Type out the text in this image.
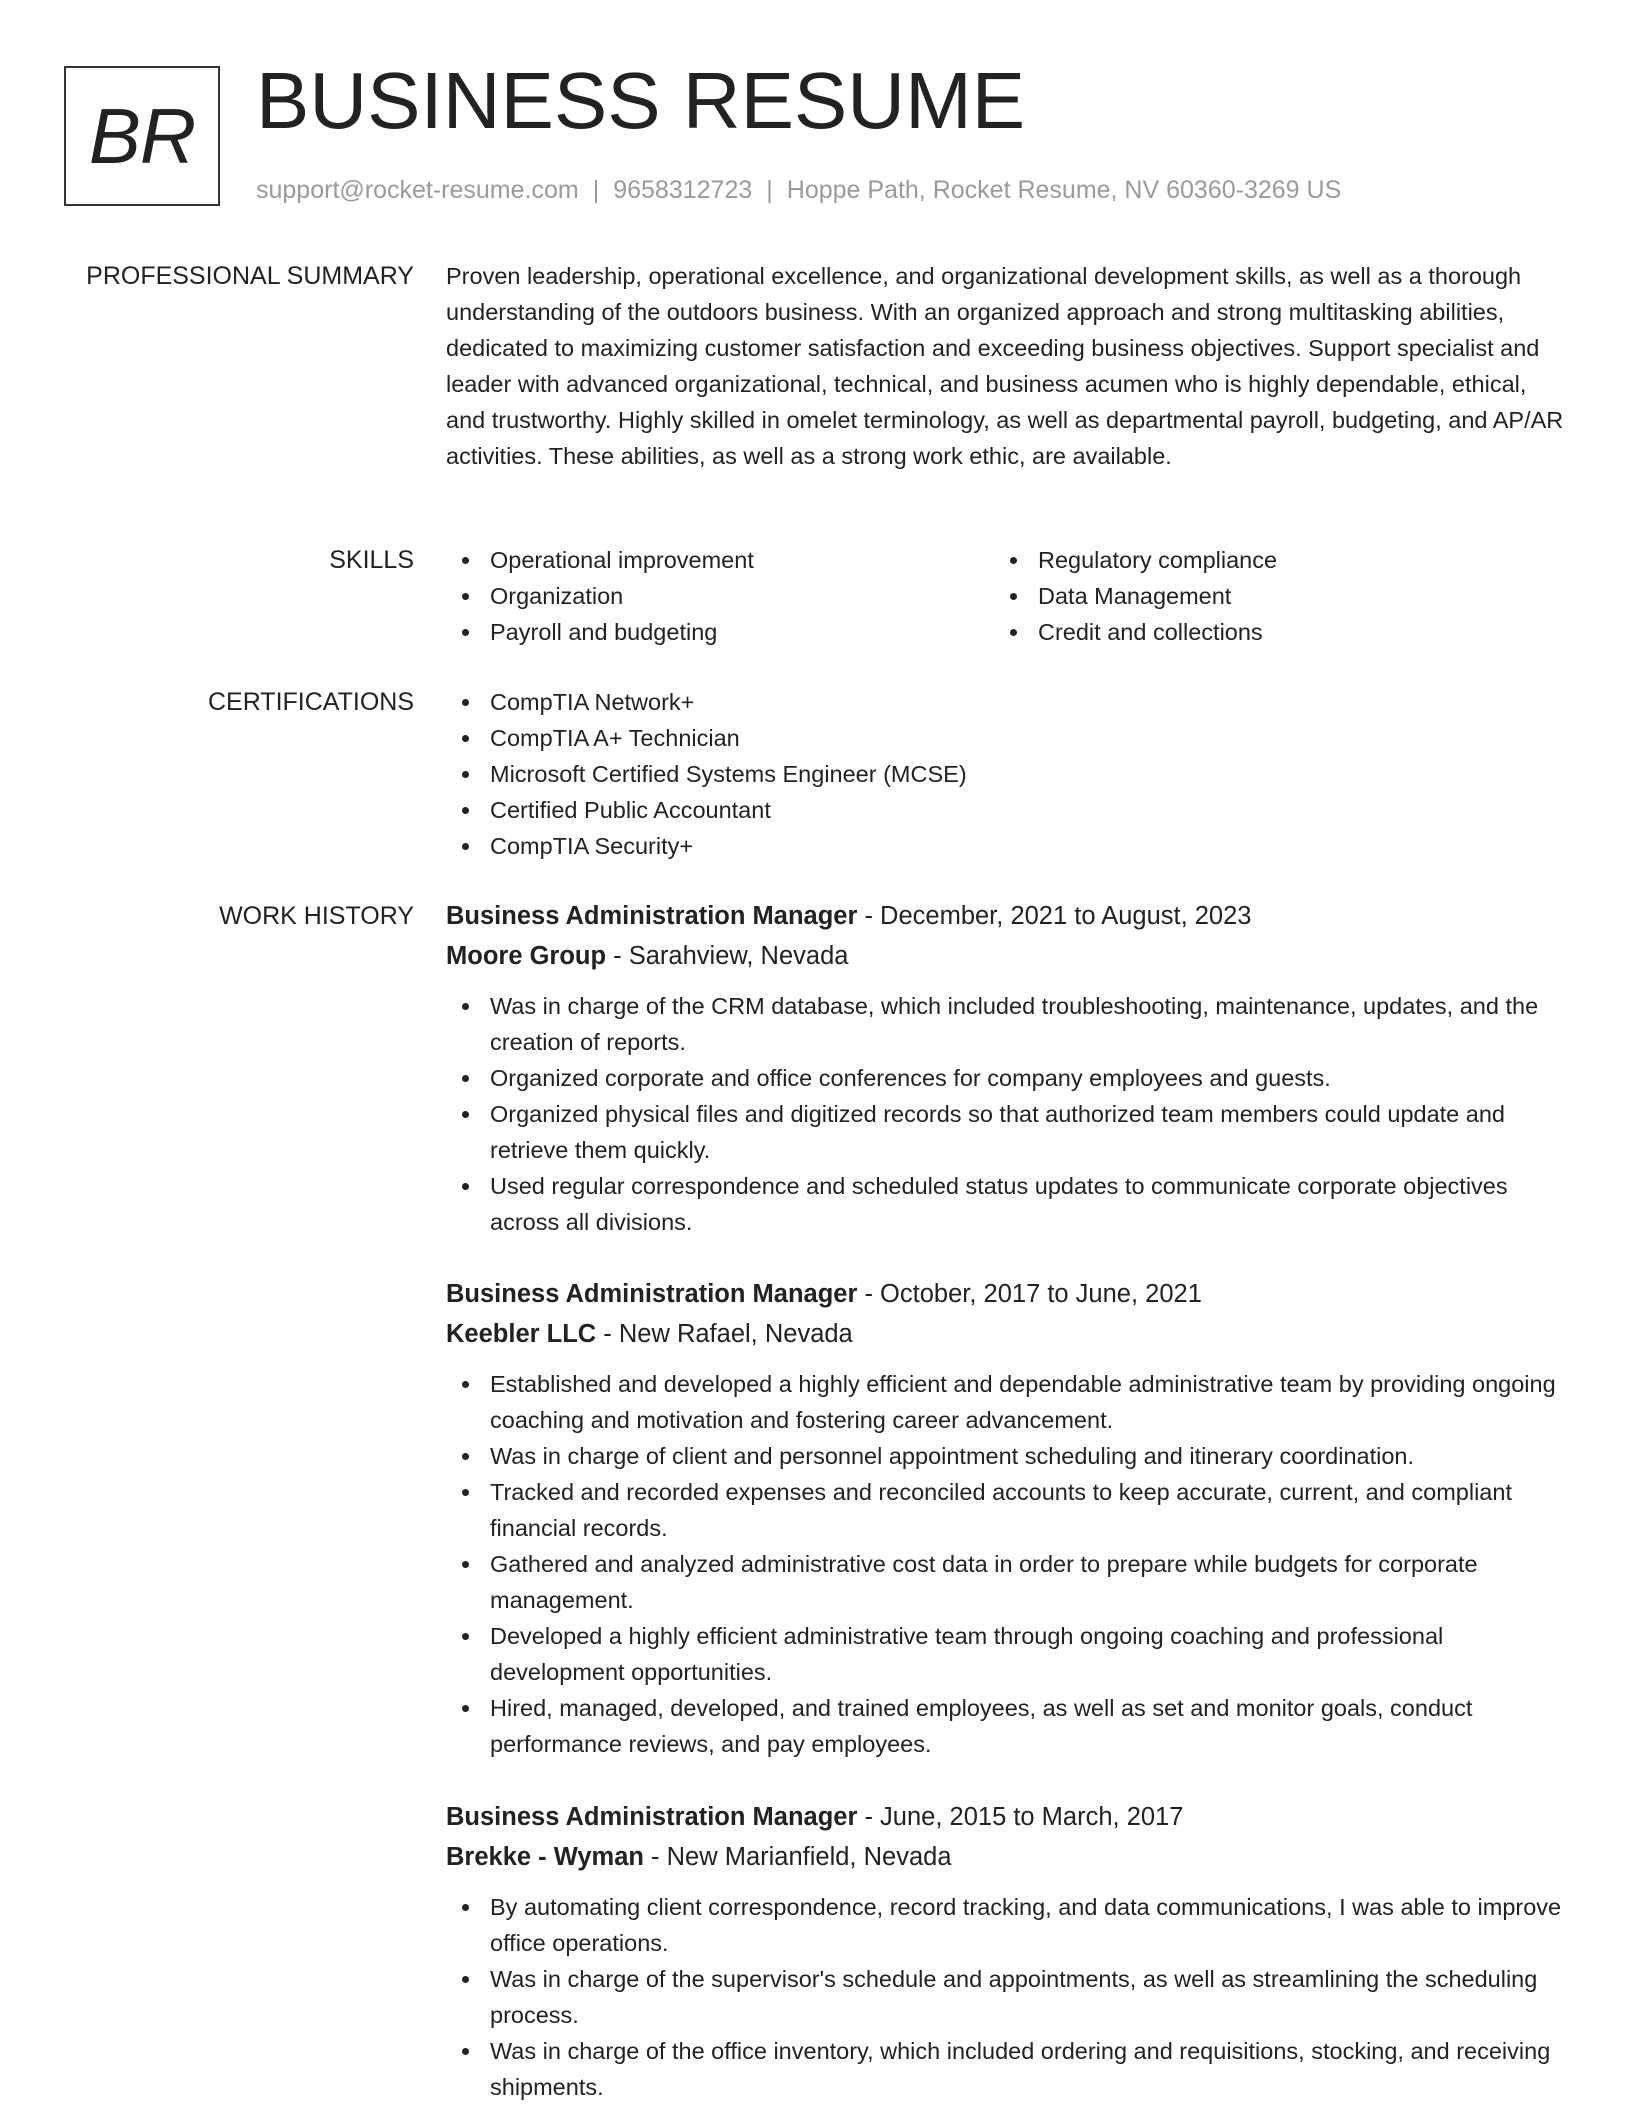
BR BUSINESS RESUME
support@rocket-resume.com | 9658312723 | Hoppe Path, Rocket Resume, NV 60360-3269 US
PROFESSIONAL SUMMARY Proven leadership, operational excellence, and organizational development skills, as well as a thorough understanding of the outdoors business. With an organized approach and strong multitasking abilities, dedicated to maximizing customer satisfaction and exceeding business objectives. Support specialist and leader with advanced organizational, technical, and business acumen who is highly dependable, ethical, and trustworthy. Highly skilled in omelet terminology, as well as departmental payroll, budgeting, and AP/AR activities. These abilities, as well as a strong work ethic, are available.

SKILLS	Operational improvement
Organization
Payroll and budgeting
Regulatory compliance
Data Management
Credit and collections
CERTIFICATIONS	CompTIA Network+
CompTIA A+ Technician
Microsoft Certified Systems Engineer (MCSE)
Certified Public Accountant
CompTIA Security+
WORK HISTORY Business Administration Manager - December, 2021 to August, 2023
Moore Group - Sarahview, Nevada
Was in charge of the CRM database, which included troubleshooting, maintenance, updates, and the creation of reports.
Organized corporate and office conferences for company employees and guests.
Organized physical files and digitized records so that authorized team members could update and retrieve them quickly.
Used regular correspondence and scheduled status updates to communicate corporate objectives across all divisions.
Business Administration Manager - October, 2017 to June, 2021
Keebler LLC - New Rafael, Nevada
Established and developed a highly efficient and dependable administrative team by providing ongoing coaching and motivation and fostering career advancement.
Was in charge of client and personnel appointment scheduling and itinerary coordination.
Tracked and recorded expenses and reconciled accounts to keep accurate, current, and compliant financial records.
Gathered and analyzed administrative cost data in order to prepare while budgets for corporate management.
Developed a highly efficient administrative team through ongoing coaching and professional development opportunities.
Hired, managed, developed, and trained employees, as well as set and monitor goals, conduct performance reviews, and pay employees.
Business Administration Manager - June, 2015 to March, 2017
Brekke - Wyman - New Marianfield, Nevada
By automating client correspondence, record tracking, and data communications, I was able to improve office operations.
Was in charge of the supervisor's schedule and appointments, as well as streamlining the scheduling process.
Was in charge of the office inventory, which included ordering and requisitions, stocking, and receiving shipments.
